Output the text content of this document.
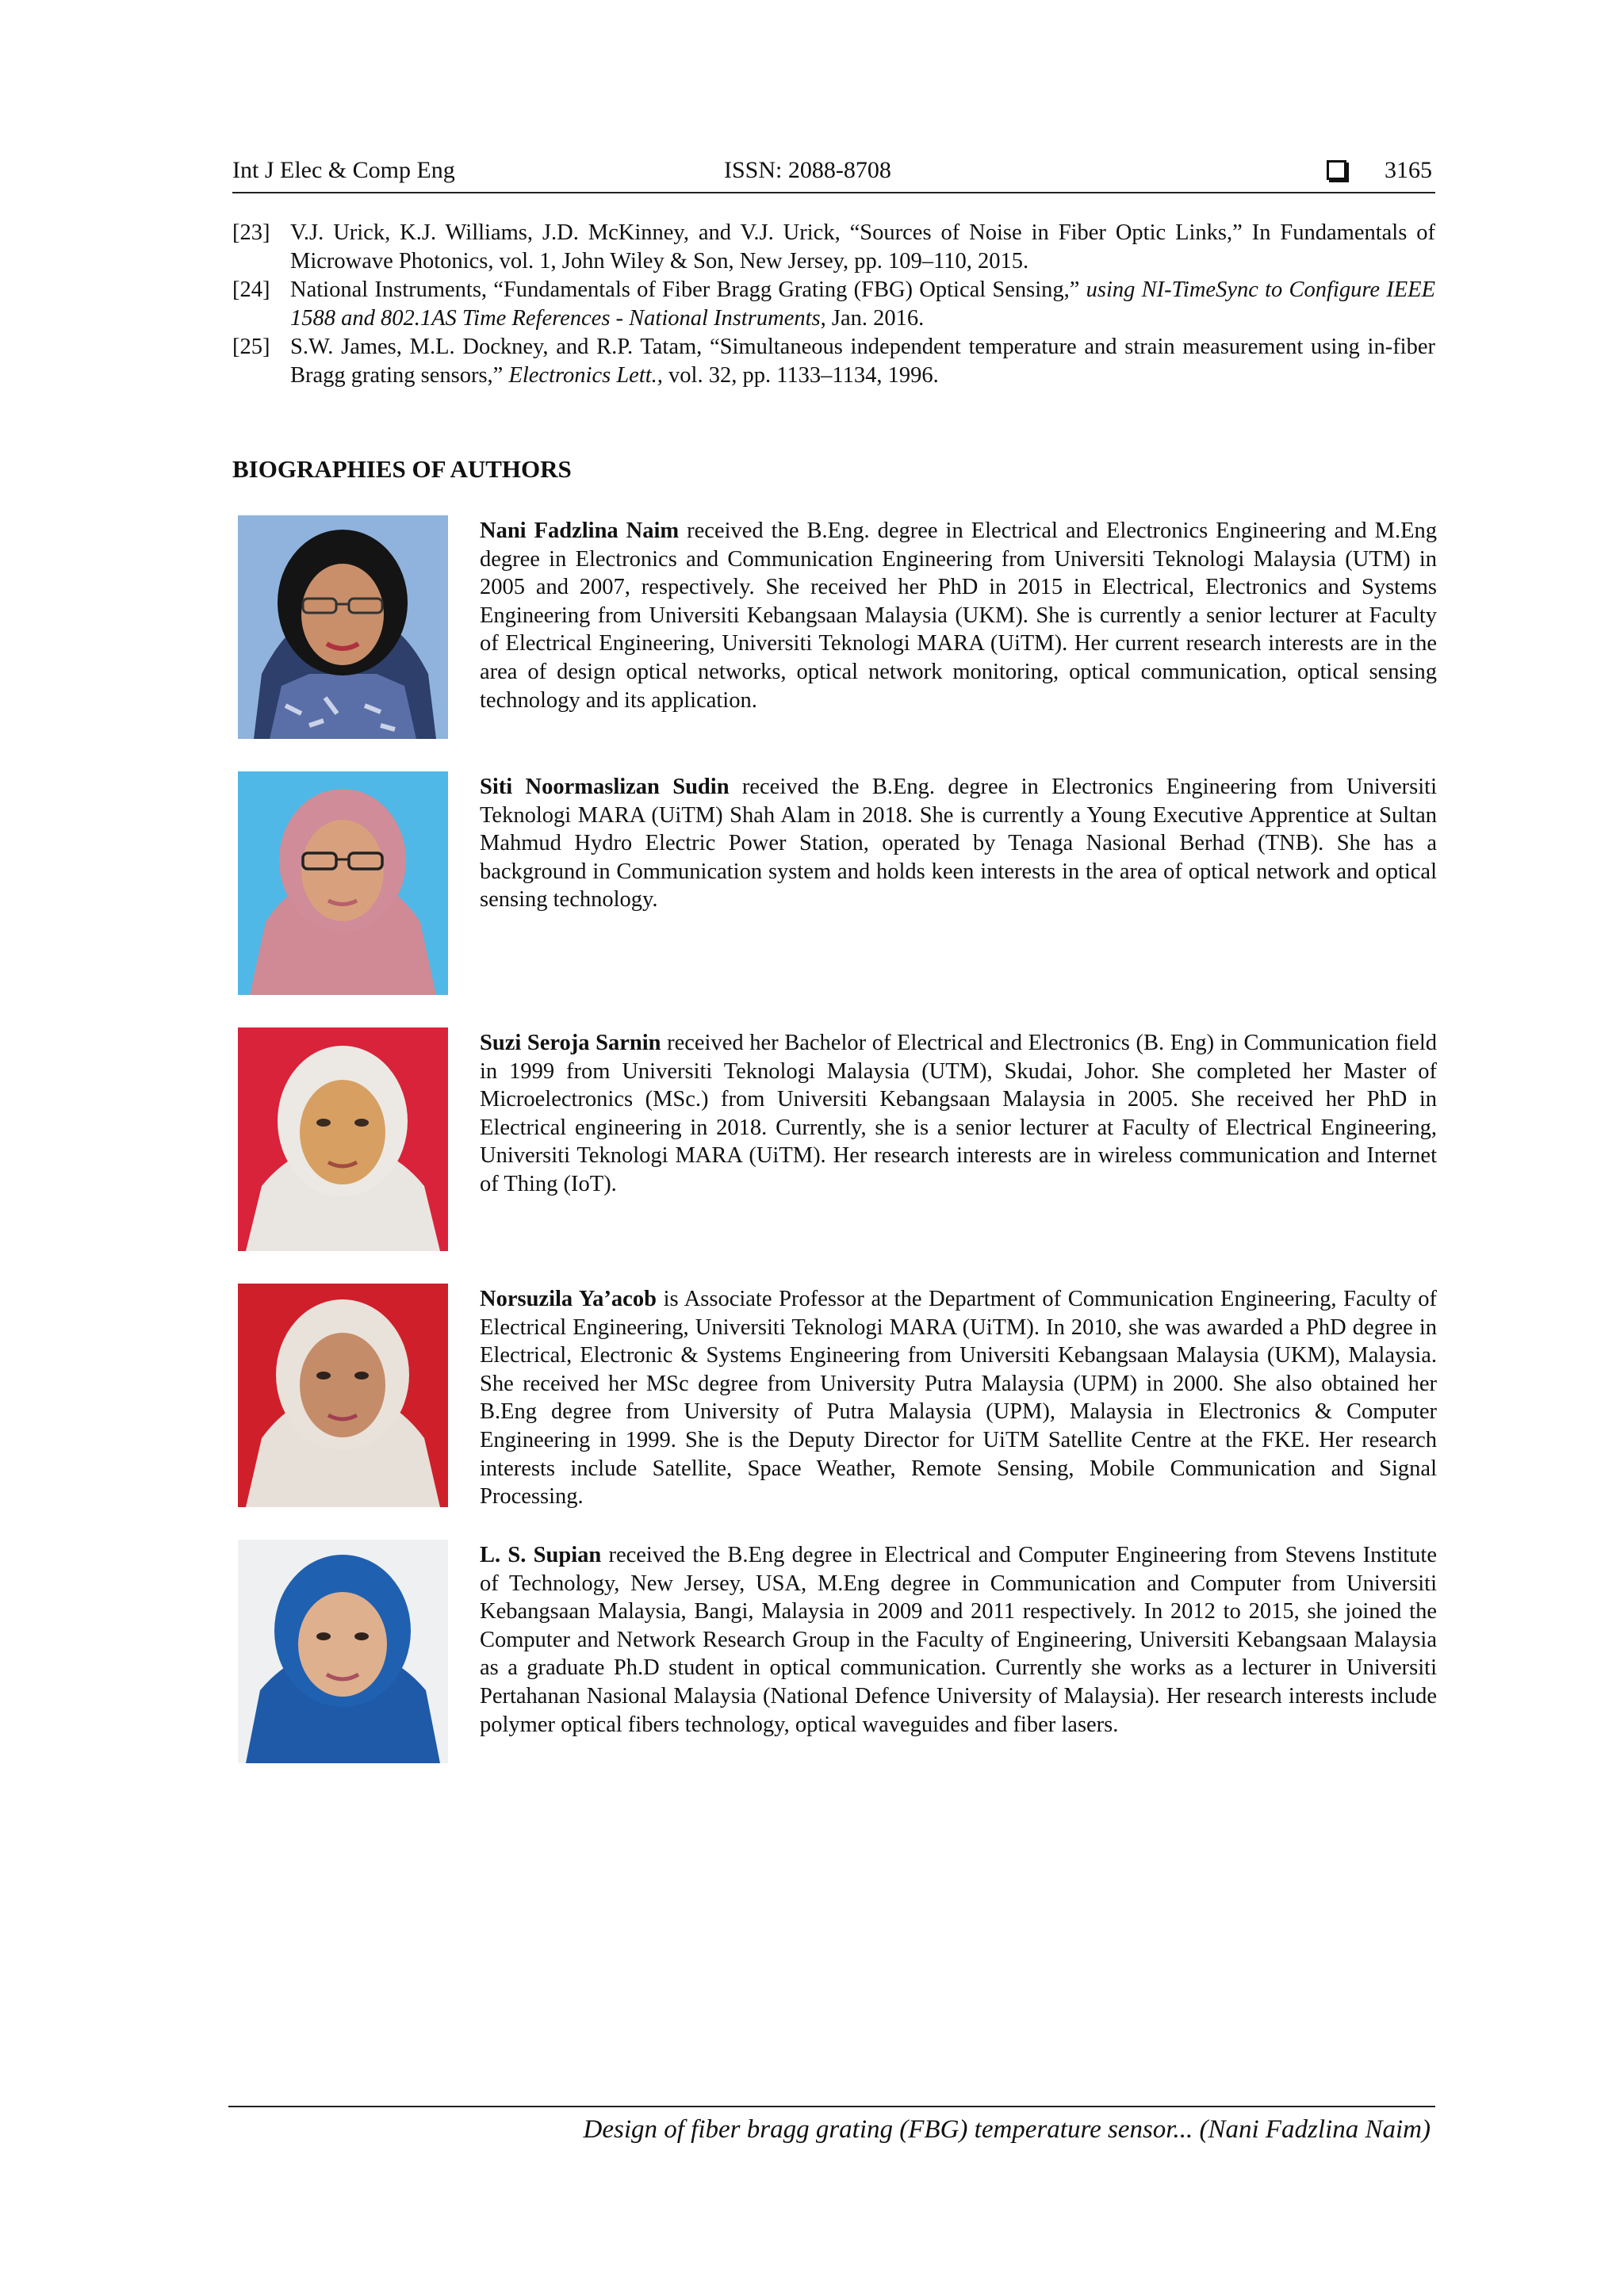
Int J Elec & Comp Eng	ISSN: 2088-8708	3165
[23] V.J. Urick, K.J. Williams, J.D. McKinney, and V.J. Urick, “Sources of Noise in Fiber Optic Links,” In Fundamentals of Microwave Photonics, vol. 1, John Wiley & Son, New Jersey, pp. 109–110, 2015.
[24] National Instruments, “Fundamentals of Fiber Bragg Grating (FBG) Optical Sensing,” using NI-TimeSync to Configure IEEE 1588 and 802.1AS Time References - National Instruments, Jan. 2016.
[25] S.W. James, M.L. Dockney, and R.P. Tatam, “Simultaneous independent temperature and strain measurement using in-fiber Bragg grating sensors,” Electronics Lett., vol. 32, pp. 1133–1134, 1996.
BIOGRAPHIES OF AUTHORS
Nani Fadzlina Naim received the B.Eng. degree in Electrical and Electronics Engineering and M.Eng degree in Electronics and Communication Engineering from Universiti Teknologi Malaysia (UTM) in 2005 and 2007, respectively. She received her PhD in 2015 in Electrical, Electronics and Systems Engineering from Universiti Kebangsaan Malaysia (UKM). She is currently a senior lecturer at Faculty of Electrical Engineering, Universiti Teknologi MARA (UiTM). Her current research interests are in the area of design optical networks, optical network monitoring, optical communication, optical sensing technology and its application.
Siti Noormaslizan Sudin received the B.Eng. degree in Electronics Engineering from Universiti Teknologi MARA (UiTM) Shah Alam in 2018. She is currently a Young Executive Apprentice at Sultan Mahmud Hydro Electric Power Station, operated by Tenaga Nasional Berhad (TNB). She has a background in Communication system and holds keen interests in the area of optical network and optical sensing technology.
Suzi Seroja Sarnin received her Bachelor of Electrical and Electronics (B. Eng) in Communication field in 1999 from Universiti Teknologi Malaysia (UTM), Skudai, Johor. She completed her Master of Microelectronics (MSc.) from Universiti Kebangsaan Malaysia in 2005. She received her PhD in Electrical engineering in 2018. Currently, she is a senior lecturer at Faculty of Electrical Engineering, Universiti Teknologi MARA (UiTM). Her research interests are in wireless communication and Internet of Thing (IoT).
Norsuzila Ya’acob is Associate Professor at the Department of Communication Engineering, Faculty of Electrical Engineering, Universiti Teknologi MARA (UiTM). In 2010, she was awarded a PhD degree in Electrical, Electronic & Systems Engineering from Universiti Kebangsaan Malaysia (UKM), Malaysia. She received her MSc degree from University Putra Malaysia (UPM) in 2000. She also obtained her B.Eng degree from University of Putra Malaysia (UPM), Malaysia in Electronics & Computer Engineering in 1999. She is the Deputy Director for UiTM Satellite Centre at the FKE. Her research interests include Satellite, Space Weather, Remote Sensing, Mobile Communication and Signal Processing.
L. S. Supian received the B.Eng degree in Electrical and Computer Engineering from Stevens Institute of Technology, New Jersey, USA, M.Eng degree in Communication and Computer from Universiti Kebangsaan Malaysia, Bangi, Malaysia in 2009 and 2011 respectively. In 2012 to 2015, she joined the Computer and Network Research Group in the Faculty of Engineering, Universiti Kebangsaan Malaysia as a graduate Ph.D student in optical communication. Currently she works as a lecturer in Universiti Pertahanan Nasional Malaysia (National Defence University of Malaysia). Her research interests include polymer optical fibers technology, optical waveguides and fiber lasers.
Design of fiber bragg grating (FBG) temperature sensor... (Nani Fadzlina Naim)
